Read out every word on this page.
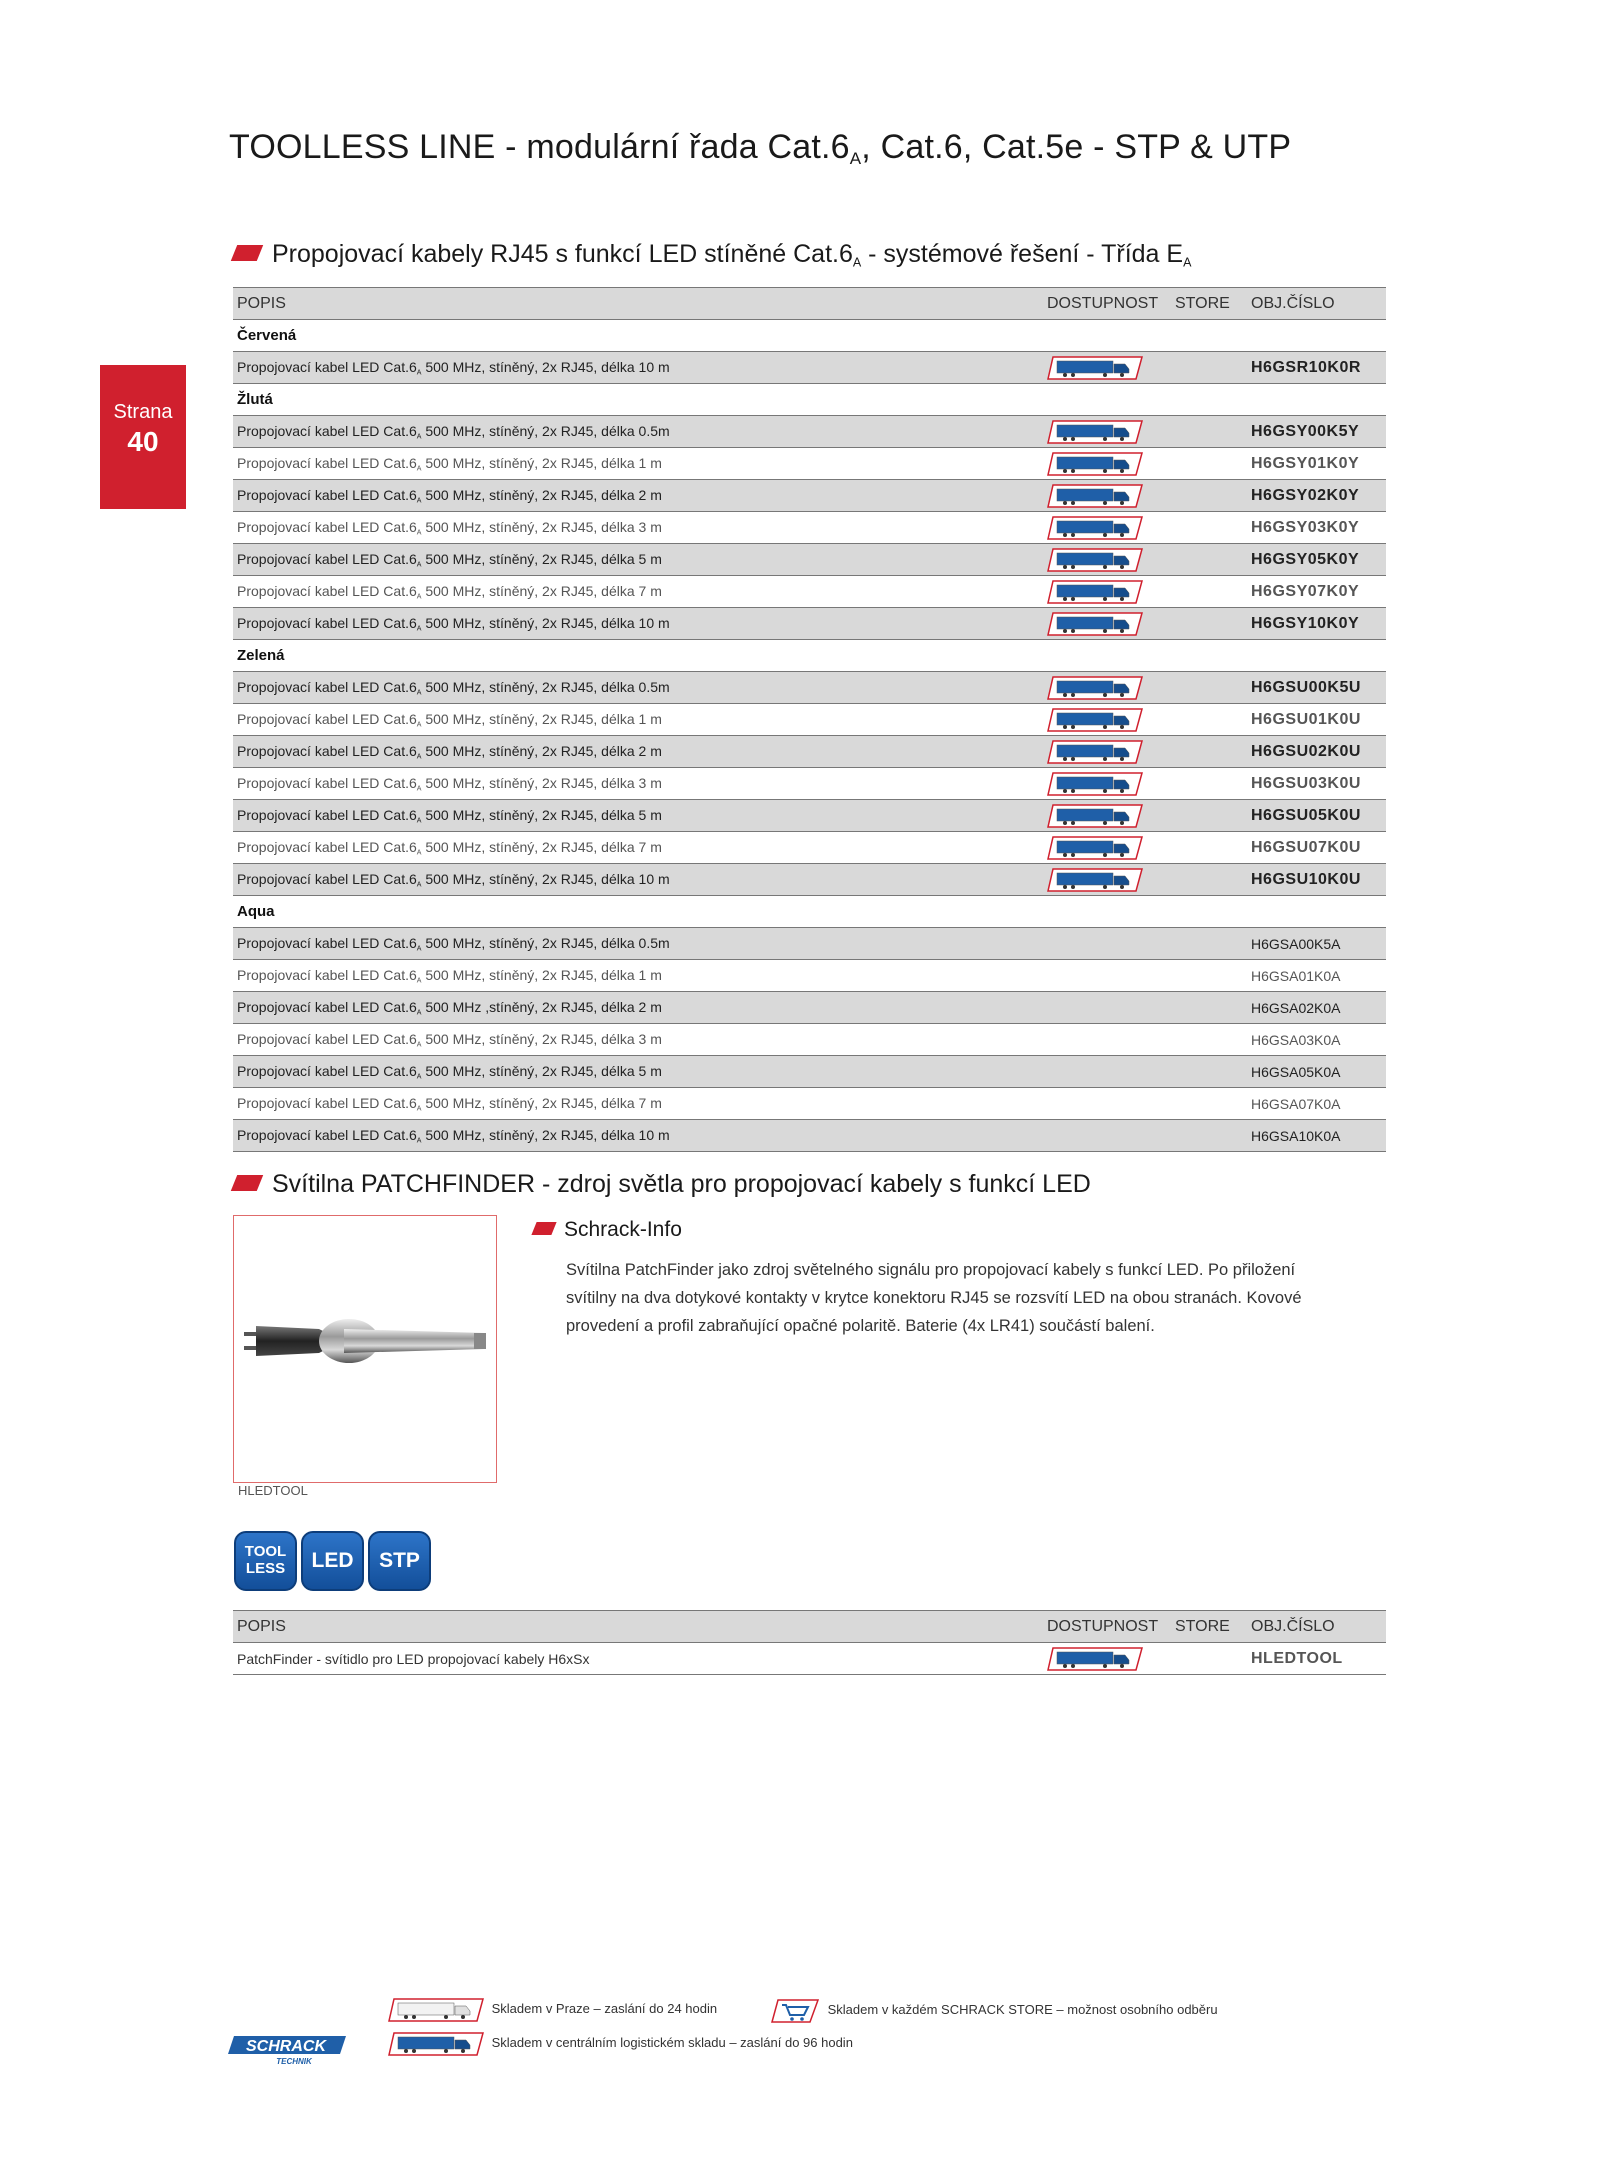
TOOLLESS LINE - modulární řada $Cat.6_A$, Cat.6, Cat.5e - STP & UTP
Strana
40
Propojovací kabely RJ45 s funkcí LED stíněné $Cat.6_A$ - systémové řešení - Třída $E_A$
POPIS	DOSTUPNOST	STORE	OBJ.ČÍSLO
Červená			
Propojovací kabel LED $Cat.6_A$ 500 MHz, stíněný, 2x RJ45, délka 10 m			H6GSR10K0R
Žlutá			
Propojovací kabel LED $Cat.6_A$ 500 MHz, stíněný, 2x RJ45, délka 0.5m			H6GSY00K5Y
Propojovací kabel LED $Cat.6_A$ 500 MHz, stíněný, 2x RJ45, délka 1 m			H6GSY01K0Y
Propojovací kabel LED $Cat.6_A$ 500 MHz, stíněný, 2x RJ45, délka 2 m			H6GSY02K0Y
Propojovací kabel LED $Cat.6_A$ 500 MHz, stíněný, 2x RJ45, délka 3 m			H6GSY03K0Y
Propojovací kabel LED $Cat.6_A$ 500 MHz, stíněný, 2x RJ45, délka 5 m			H6GSY05K0Y
Propojovací kabel LED $Cat.6_A$ 500 MHz, stíněný, 2x RJ45, délka 7 m			H6GSY07K0Y
Propojovací kabel LED $Cat.6_A$ 500 MHz, stíněný, 2x RJ45, délka 10 m			H6GSY10K0Y
Zelená			
Propojovací kabel LED $Cat.6_A$ 500 MHz, stíněný, 2x RJ45, délka 0.5m			H6GSU00K5U
Propojovací kabel LED $Cat.6_A$ 500 MHz, stíněný, 2x RJ45, délka 1 m			H6GSU01K0U
Propojovací kabel LED $Cat.6_A$ 500 MHz, stíněný, 2x RJ45, délka 2 m			H6GSU02K0U
Propojovací kabel LED $Cat.6_A$ 500 MHz, stíněný, 2x RJ45, délka 3 m			H6GSU03K0U
Propojovací kabel LED $Cat.6_A$ 500 MHz, stíněný, 2x RJ45, délka 5 m			H6GSU05K0U
Propojovací kabel LED $Cat.6_A$ 500 MHz, stíněný, 2x RJ45, délka 7 m			H6GSU07K0U
Propojovací kabel LED $Cat.6_A$ 500 MHz, stíněný, 2x RJ45, délka 10 m			H6GSU10K0U
Aqua			
Propojovací kabel LED $Cat.6_A$ 500 MHz, stíněný, 2x RJ45, délka 0.5m			H6GSA00K5A
Propojovací kabel LED $Cat.6_A$ 500 MHz, stíněný, 2x RJ45, délka 1 m			H6GSA01K0A
Propojovací kabel LED $Cat.6_A$ 500 MHz ,stíněný, 2x RJ45, délka 2 m			H6GSA02K0A
Propojovací kabel LED $Cat.6_A$ 500 MHz, stíněný, 2x RJ45, délka 3 m			H6GSA03K0A
Propojovací kabel LED $Cat.6_A$ 500 MHz, stíněný, 2x RJ45, délka 5 m			H6GSA05K0A
Propojovací kabel LED $Cat.6_A$ 500 MHz, stíněný, 2x RJ45, délka 7 m			H6GSA07K0A
Propojovací kabel LED $Cat.6_A$ 500 MHz, stíněný, 2x RJ45, délka 10 m			H6GSA10K0A
Svítilna PATCHFINDER - zdroj světla pro propojovací kabely s funkcí LED
HLEDTOOL
Schrack-Info
Svítilna PatchFinder jako zdroj světelného signálu pro propojovací kabely s funkcí LED. Po přiložení svítilny na dva dotykové kontakty v krytce konektoru RJ45 se rozsvítí LED na obou stranách. Kovové provedení a profil zabraňující opačné polaritě. Baterie (4x LR41) součástí balení.
TOOL
LESS LED STP
POPIS	DOSTUPNOST	STORE	OBJ.ČÍSLO
PatchFinder - svítidlo pro LED propojovací kabely H6xSx			HLEDTOOL
Skladem v Praze – zaslání do 24 hodin	Skladem v každém SCHRACK STORE – možnost osobního odběru
Skladem v centrálním logistickém skladu – zaslání do 96 hodin
SCHRACK
TECHNIK
